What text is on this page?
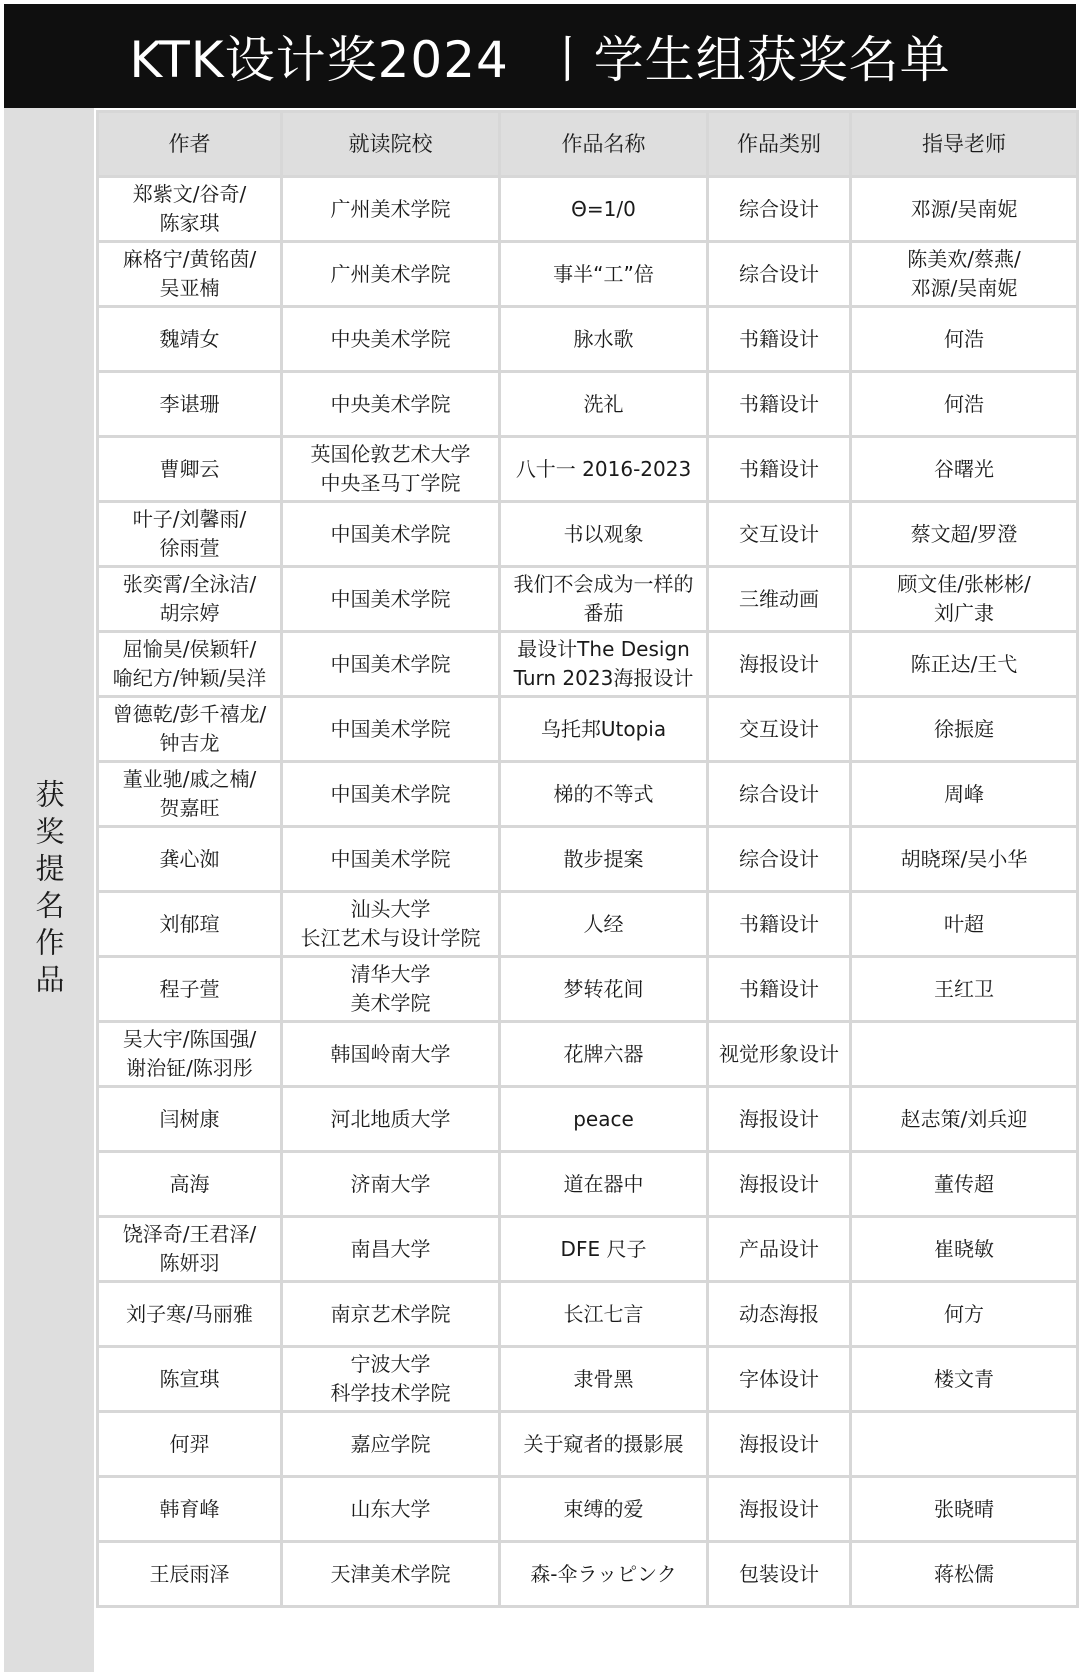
KTK设计奖2024  丨学生组获奖名单
获奖提名作品
作者	就读院校	作品名称	作品类别	指导老师

郑紫文/谷奇/
陈家琪	广州美术学院	Θ=1/0	综合设计	邓源/吴南妮

麻格宁/黄铭茵/
吴亚楠	广州美术学院	事半“工”倍	综合设计	陈美欢/蔡燕/
邓源/吴南妮

魏靖女	中央美术学院	脉水歌	书籍设计	何浩

李谌珊	中央美术学院	洗礼	书籍设计	何浩

曹卿云	英国伦敦艺术大学
中央圣马丁学院	八十一 2016-2023	书籍设计	谷曙光

叶子/刘馨雨/
徐雨萱	中国美术学院	书以观象	交互设计	蔡文超/罗澄

张奕霄/全泳洁/
胡宗婷	中国美术学院	我们不会成为一样的
番茄	三维动画	顾文佳/张彬彬/
刘广隶

屈愉昊/侯颖轩/
喻纪方/钟颖/吴洋	中国美术学院	最设计The Design
Turn 2023海报设计	海报设计	陈正达/王弋

曾德乾/彭千禧龙/
钟吉龙	中国美术学院	乌托邦Utopia	交互设计	徐振庭

董业驰/戚之楠/
贺嘉旺	中国美术学院	梯的不等式	综合设计	周峰

龚心洳	中国美术学院	散步提案	综合设计	胡晓琛/吴小华

刘郁瑄	汕头大学
长江艺术与设计学院	人经	书籍设计	叶超

程子萱	清华大学
美术学院	梦转花间	书籍设计	王红卫

吴大宇/陈国强/
谢治钲/陈羽彤	韩国岭南大学	花牌六器	视觉形象设计	

闫树康	河北地质大学	peace	海报设计	赵志策/刘兵迎

高海	济南大学	道在器中	海报设计	董传超

饶泽奇/王君泽/
陈妍羽	南昌大学	DFE 尺子	产品设计	崔晓敏

刘子寒/马丽雅	南京艺术学院	长江七言	动态海报	何方

陈宣琪	宁波大学
科学技术学院	隶骨黑	字体设计	楼文青

何羿	嘉应学院	关于窥者的摄影展	海报设计	

韩育峰	山东大学	束缚的爱	海报设计	张晓晴

王辰雨泽	天津美术学院	森-伞ラッピンク	包装设计	蒋松儒
